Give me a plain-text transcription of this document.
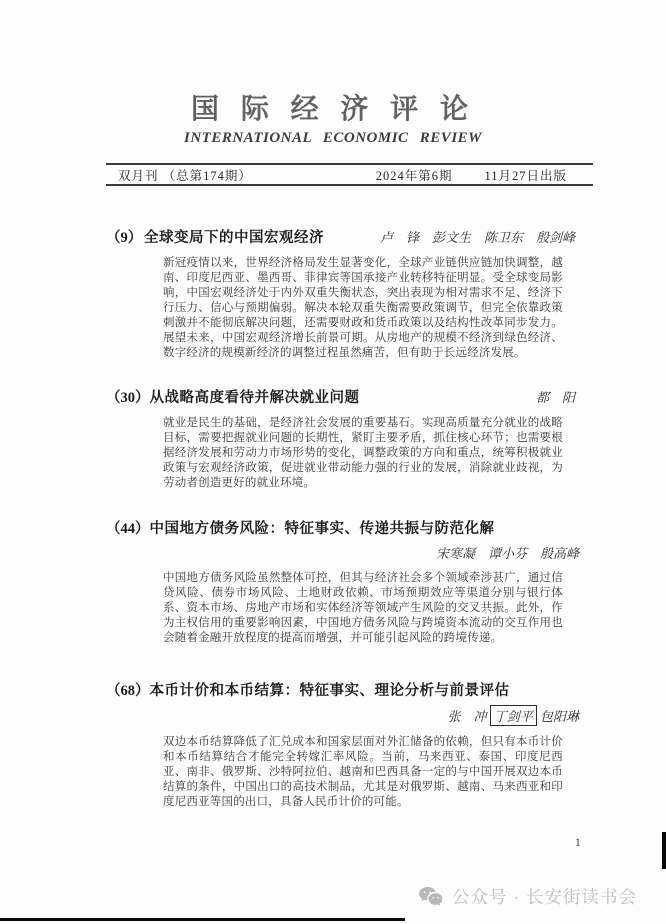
国 际 经 济 评 论
INTERNATIONAL ECONOMIC REVIEW
双月刊 （总第174期）	2024年第6期	11月27日出版
（9） 全球变局下的中国宏观经济	卢　锋　彭文生　陈卫东　殷剑峰
新冠疫情以来，世界经济格局发生显著变化，全球产业链供应链加快调整，越南、印度尼西亚、墨西哥、菲律宾等国承接产业转移特征明显。受全球变局影响，中国宏观经济处于内外双重失衡状态，突出表现为相对需求不足、经济下行压力、信心与预期偏弱。解决本轮双重失衡需要政策调节，但完全依靠政策刺激并不能彻底解决问题，还需要财政和货币政策以及结构性改革同步发力。展望未来，中国宏观经济增长前景可期。从房地产的规模不经济到绿色经济、数字经济的规模新经济的调整过程虽然痛苦，但有助于长远经济发展。
（30） 从战略高度看待并解决就业问题	都　阳
就业是民生的基础，是经济社会发展的重要基石。实现高质量充分就业的战略目标，需要把握就业问题的长期性，紧盯主要矛盾，抓住核心环节；也需要根据经济发展和劳动力市场形势的变化，调整政策的方向和重点，统筹积极就业政策与宏观经济政策，促进就业带动能力强的行业的发展，消除就业歧视，为劳动者创造更好的就业环境。
（44） 中国地方债务风险：特征事实、传递共振与防范化解
宋寒凝　谭小芬　殷高峰
中国地方债务风险虽然整体可控，但其与经济社会多个领域牵涉甚广，通过信贷风险、债券市场风险、土地财政依赖、市场预期效应等渠道分别与银行体系、资本市场、房地产市场和实体经济等领域产生风险的交叉共振。此外，作为主权信用的重要影响因素，中国地方债务风险与跨境资本流动的交互作用也会随着金融开放程度的提高而增强，并可能引起风险的跨境传递。
（68） 本币计价和本币结算：特征事实、理论分析与前景评估
张　冲 丁剑平 包阳琳
双边本币结算降低了汇兑成本和国家层面对外汇储备的依赖，但只有本币计价和本币结算结合才能完全转嫁汇率风险。当前，马来西亚、泰国、印度尼西亚、南非、俄罗斯、沙特阿拉伯、越南和巴西具备一定的与中国开展双边本币结算的条件，中国出口的高技术制品，尤其是对俄罗斯、越南、马来西亚和印度尼西亚等国的出口，具备人民币计价的可能。
1
公众号 · 长安街读书会
